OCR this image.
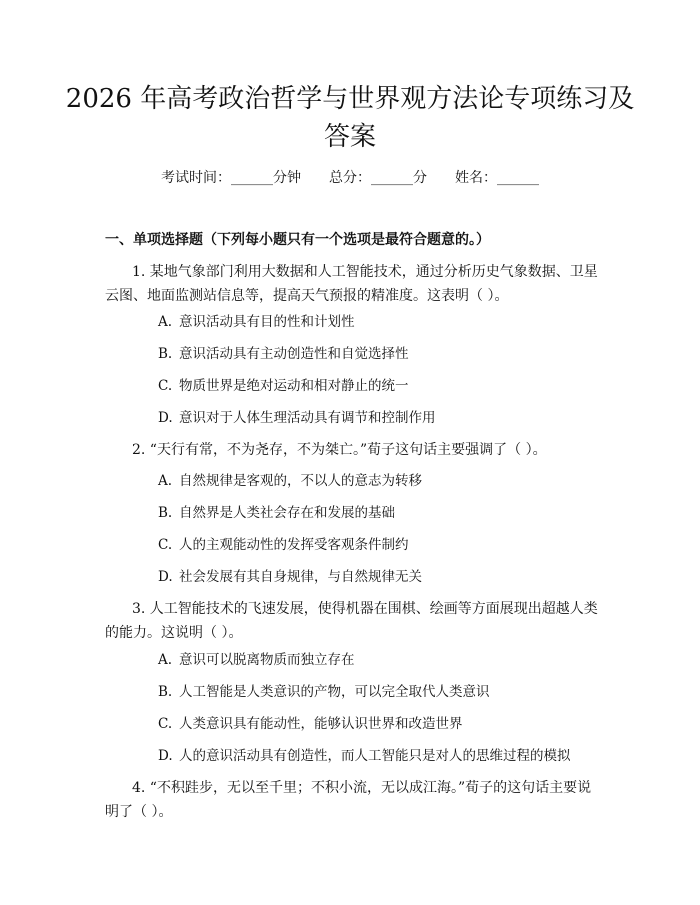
2026 年高考政治哲学与世界观方法论专项练习及答案
考试时间：______分钟 总分：______分 姓名：______
一、单项选择题（下列每小题只有一个选项是最符合题意的。）
1. 某地气象部门利用大数据和人工智能技术，通过分析历史气象数据、卫星云图、地面监测站信息等，提高天气预报的精准度。这表明（ ）。
A. 意识活动具有目的性和计划性
B. 意识活动具有主动创造性和自觉选择性
C. 物质世界是绝对运动和相对静止的统一
D. 意识对于人体生理活动具有调节和控制作用
2. “天行有常，不为尧存，不为桀亡。”荀子这句话主要强调了（ ）。
A. 自然规律是客观的，不以人的意志为转移
B. 自然界是人类社会存在和发展的基础
C. 人的主观能动性的发挥受客观条件制约
D. 社会发展有其自身规律，与自然规律无关
3. 人工智能技术的飞速发展，使得机器在围棋、绘画等方面展现出超越人类的能力。这说明（ ）。
A. 意识可以脱离物质而独立存在
B. 人工智能是人类意识的产物，可以完全取代人类意识
C. 人类意识具有能动性，能够认识世界和改造世界
D. 人的意识活动具有创造性，而人工智能只是对人的思维过程的模拟
4. “不积跬步，无以至千里；不积小流，无以成江海。”荀子的这句话主要说明了（ ）。
